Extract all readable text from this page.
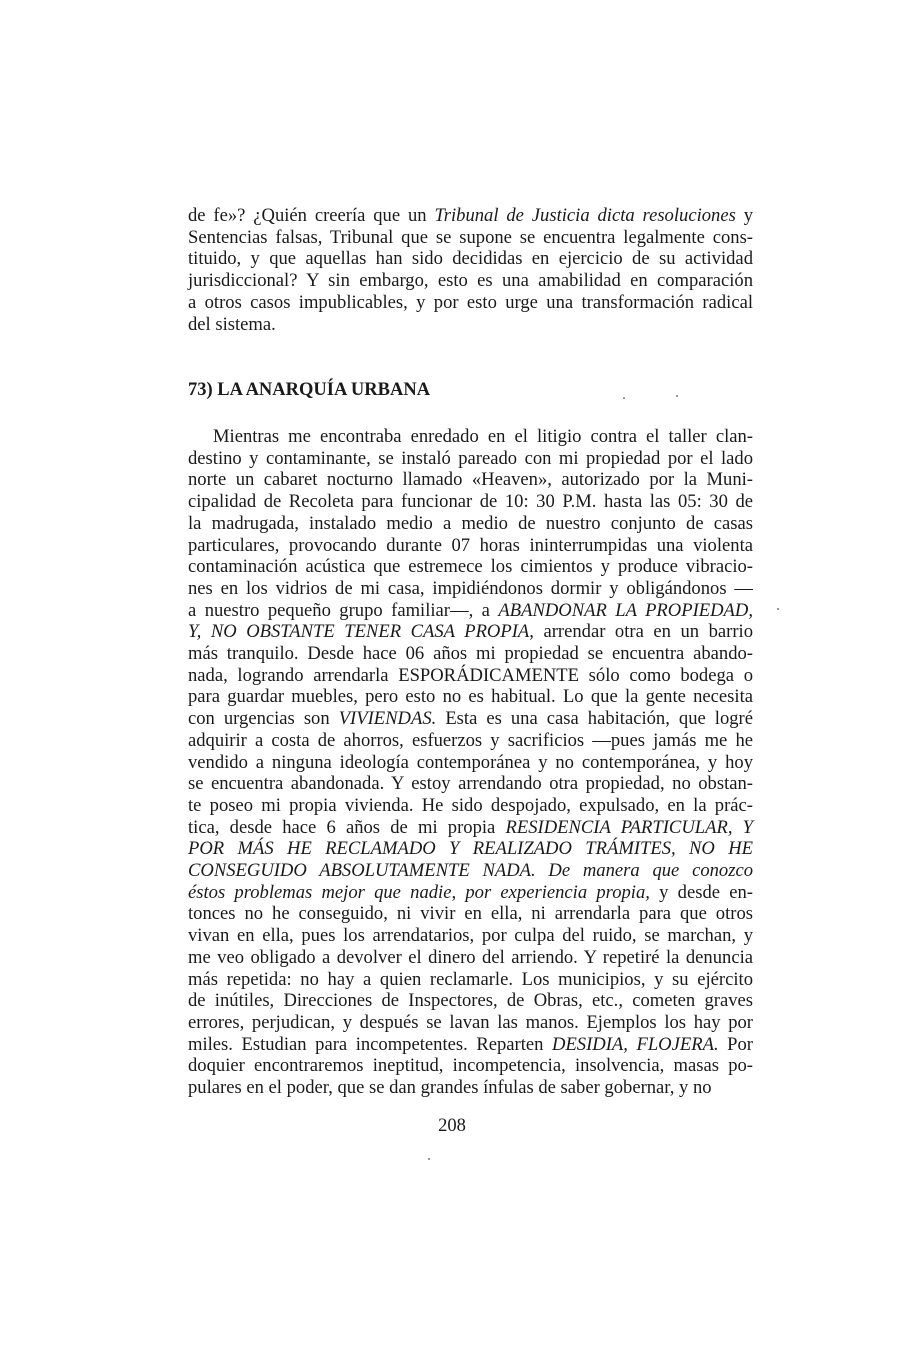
de fe»? ¿Quién creería que un Tribunal de Justicia dicta resoluciones y
Sentencias falsas, Tribunal que se supone se encuentra legalmente cons-
tituido, y que aquellas han sido decididas en ejercicio de su actividad
jurisdiccional? Y sin embargo, esto es una amabilidad en comparación
a otros casos impublicables, y por esto urge una transformación radical
del sistema.
73) LA ANARQUÍA URBANA
Mientras me encontraba enredado en el litigio contra el taller clan-
destino y contaminante, se instaló pareado con mi propiedad por el lado
norte un cabaret nocturno llamado «Heaven», autorizado por la Muni-
cipalidad de Recoleta para funcionar de 10: 30 P.M. hasta las 05: 30 de
la madrugada, instalado medio a medio de nuestro conjunto de casas
particulares, provocando durante 07 horas ininterrumpidas una violenta
contaminación acústica que estremece los cimientos y produce vibracio-
nes en los vidrios de mi casa, impidiéndonos dormir y obligándonos —
a nuestro pequeño grupo familiar—, a ABANDONAR LA PROPIEDAD,
Y, NO OBSTANTE TENER CASA PROPIA, arrendar otra en un barrio
más tranquilo. Desde hace 06 años mi propiedad se encuentra abando-
nada, logrando arrendarla ESPORÁDICAMENTE sólo como bodega o
para guardar muebles, pero esto no es habitual. Lo que la gente necesita
con urgencias son VIVIENDAS. Esta es una casa habitación, que logré
adquirir a costa de ahorros, esfuerzos y sacrificios —pues jamás me he
vendido a ninguna ideología contemporánea y no contemporánea, y hoy
se encuentra abandonada. Y estoy arrendando otra propiedad, no obstan-
te poseo mi propia vivienda. He sido despojado, expulsado, en la prác-
tica, desde hace 6 años de mi propia RESIDENCIA PARTICULAR, Y
POR MÁS HE RECLAMADO Y REALIZADO TRÁMITES, NO HE
CONSEGUIDO ABSOLUTAMENTE NADA. De manera que conozco
éstos problemas mejor que nadie, por experiencia propia, y desde en-
tonces no he conseguido, ni vivir en ella, ni arrendarla para que otros
vivan en ella, pues los arrendatarios, por culpa del ruido, se marchan, y
me veo obligado a devolver el dinero del arriendo. Y repetiré la denuncia
más repetida: no hay a quien reclamarle. Los municipios, y su ejército
de inútiles, Direcciones de Inspectores, de Obras, etc., cometen graves
errores, perjudican, y después se lavan las manos. Ejemplos los hay por
miles. Estudian para incompetentes. Reparten DESIDIA, FLOJERA. Por
doquier encontraremos ineptitud, incompetencia, insolvencia, masas po-
pulares en el poder, que se dan grandes ínfulas de saber gobernar, y no
208
